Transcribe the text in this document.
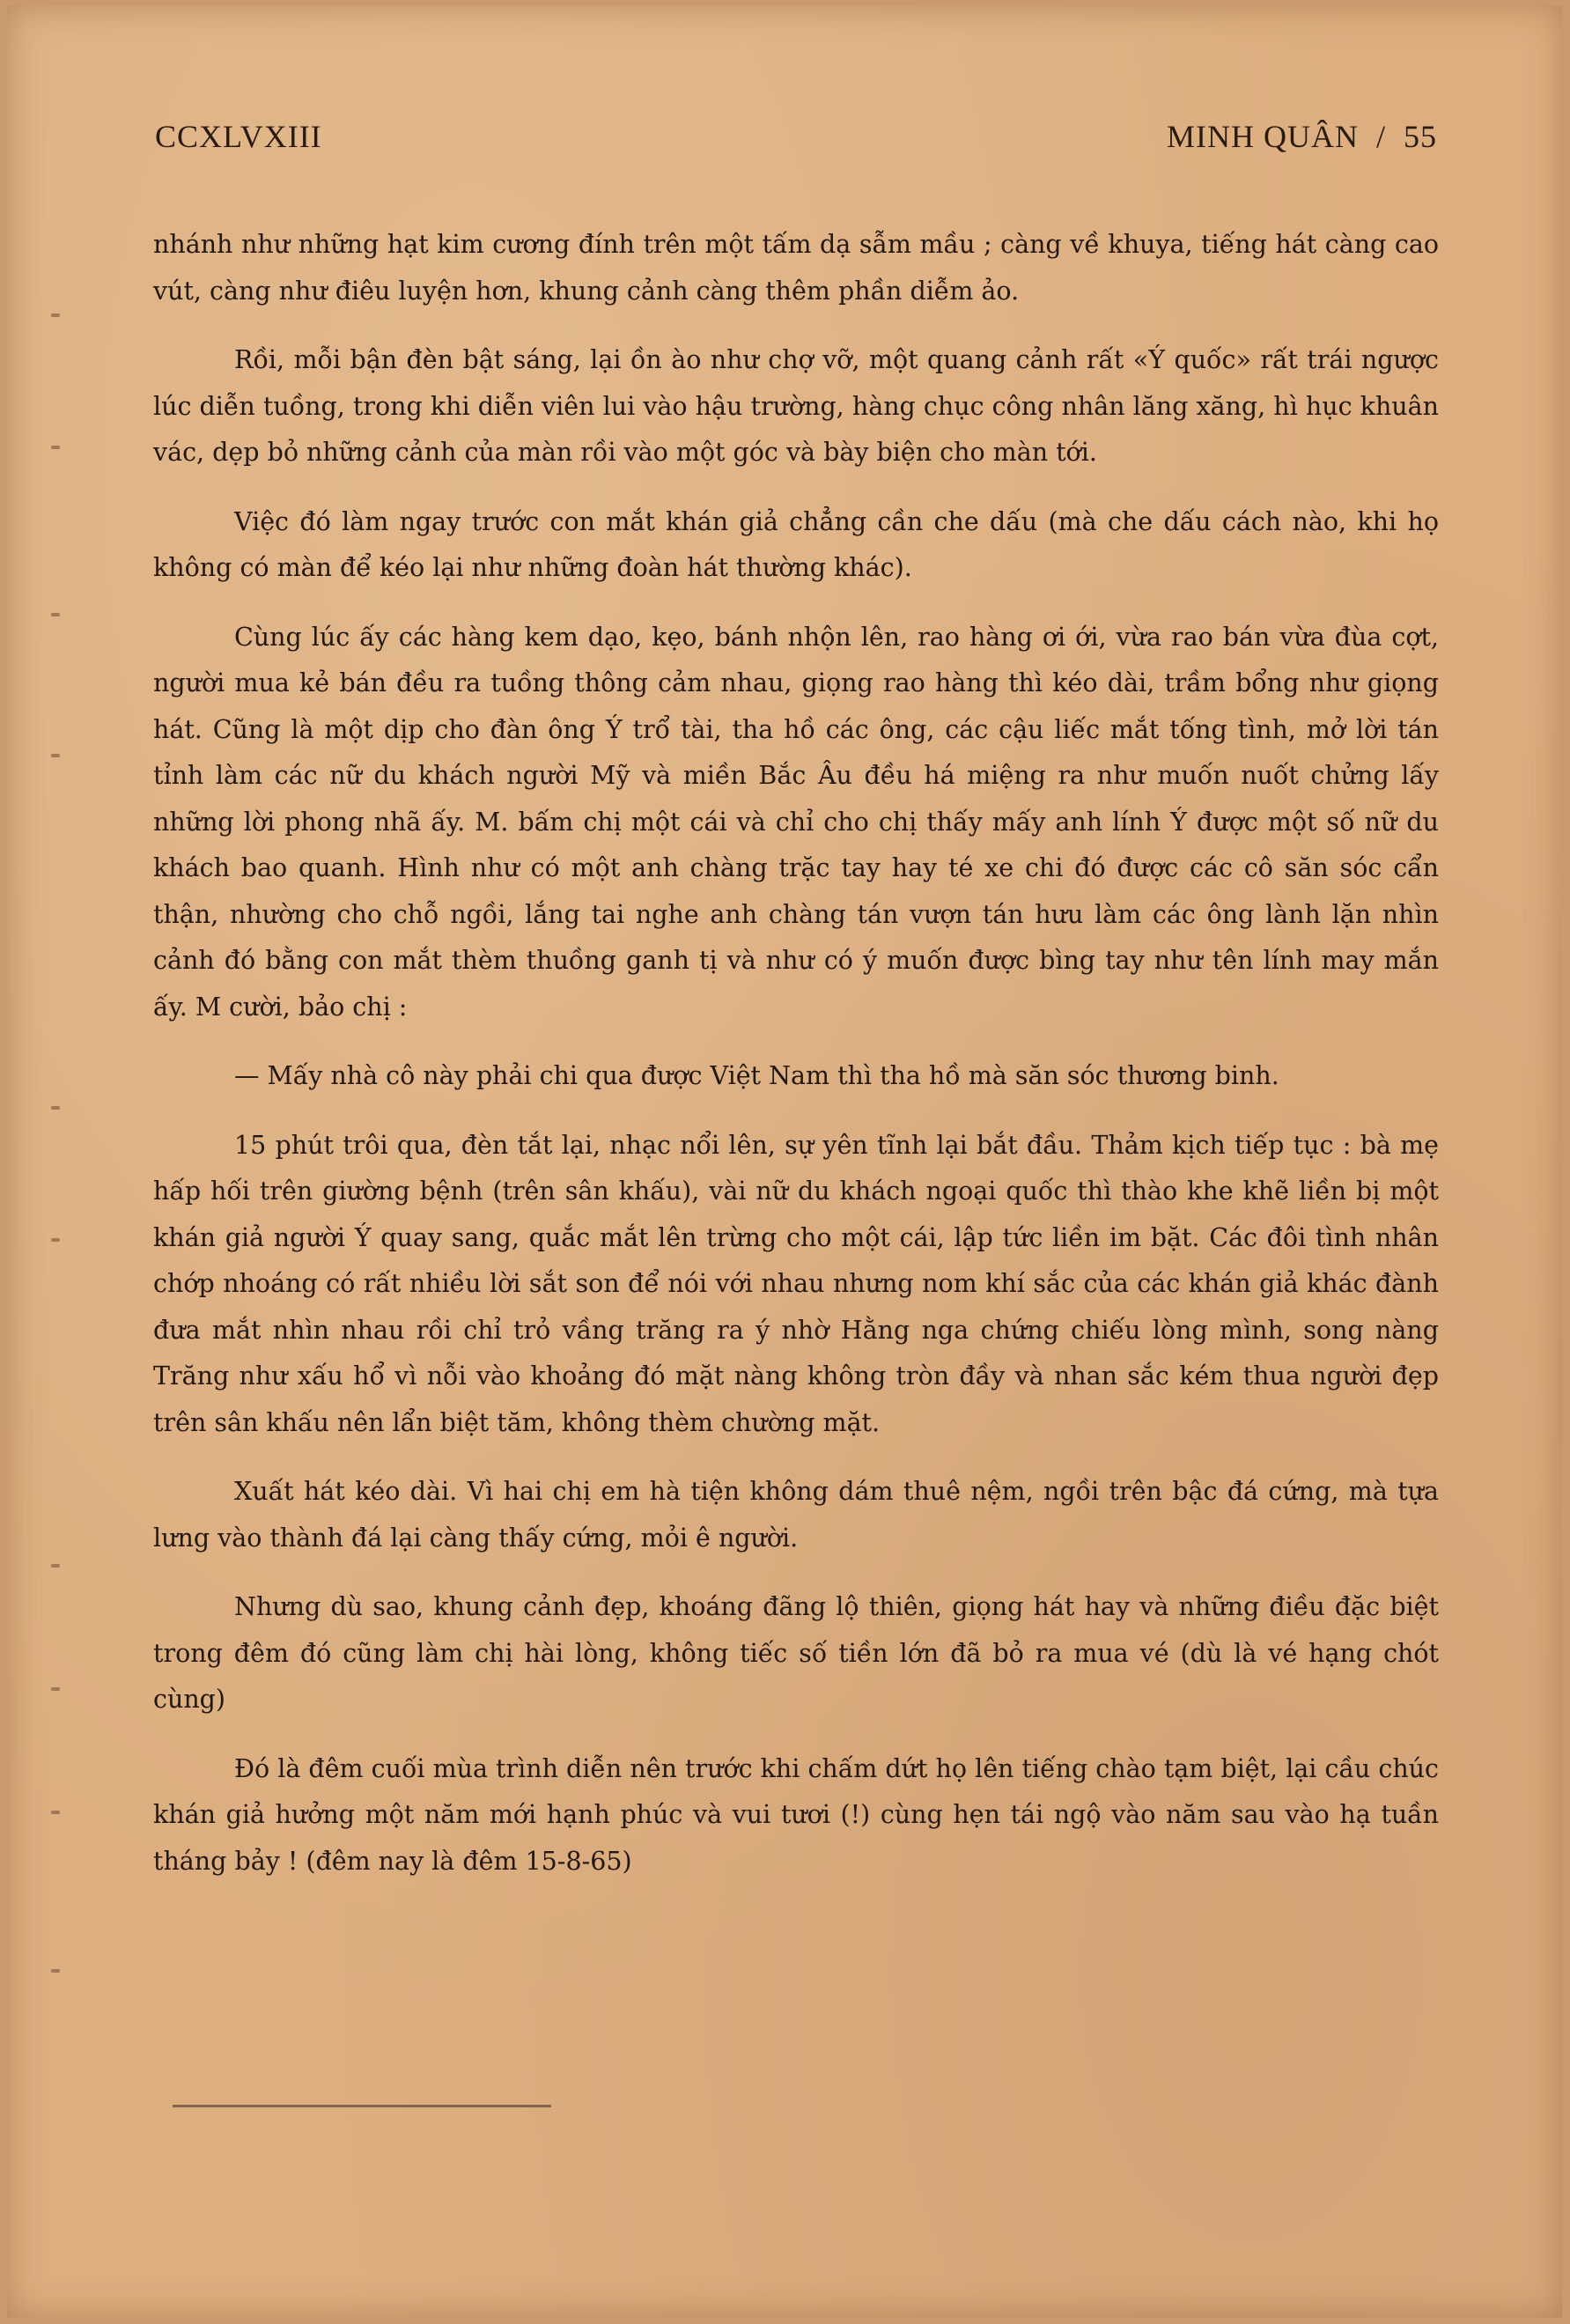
CCXLVXIII	MINH QUÂN  /  55

nhánh như những hạt kim cương đính trên một tấm dạ sẫm mầu ; càng về khuya, tiếng hát càng cao vút, càng như điêu luyện hơn, khung cảnh càng thêm phần diễm ảo.

Rồi, mỗi bận đèn bật sáng, lại ồn ào như chợ vỡ, một quang cảnh rất «Ý quốc» rất trái ngược lúc diễn tuồng, trong khi diễn viên lui vào hậu trường, hàng chục công nhân lăng xăng, hì hục khuân vác, dẹp bỏ những cảnh của màn rồi vào một góc và bày biện cho màn tới.

Việc đó làm ngay trước con mắt khán giả chẳng cần che dấu (mà che dấu cách nào, khi họ không có màn để kéo lại như những đoàn hát thường khác).

Cùng lúc ấy các hàng kem dạo, kẹo, bánh nhộn lên, rao hàng ơi ới, vừa rao bán vừa đùa cợt, người mua kẻ bán đều ra tuồng thông cảm nhau, giọng rao hàng thì kéo dài, trầm bổng như giọng hát. Cũng là một dịp cho đàn ông Ý trổ tài, tha hồ các ông, các cậu liếc mắt tống tình, mở lời tán tỉnh làm các nữ du khách người Mỹ và miền Bắc Âu đều há miệng ra như muốn nuốt chửng lấy những lời phong nhã ấy. M. bấm chị một cái và chỉ cho chị thấy mấy anh lính Ý được một số nữ du khách bao quanh. Hình như có một anh chàng trặc tay hay té xe chi đó được các cô săn sóc cẩn thận, nhường cho chỗ ngồi, lắng tai nghe anh chàng tán vượn tán hưu làm các ông lành lặn nhìn cảnh đó bằng con mắt thèm thuồng ganh tị và như có ý muốn được bìng tay như tên lính may mắn ấy. M cười, bảo chị :

— Mấy nhà cô này phải chi qua được Việt Nam thì tha hồ mà săn sóc thương binh.

15 phút trôi qua, đèn tắt lại, nhạc nổi lên, sự yên tĩnh lại bắt đầu. Thảm kịch tiếp tục : bà mẹ hấp hối trên giường bệnh (trên sân khấu), vài nữ du khách ngoại quốc thì thào khe khẽ liền bị một khán giả người Ý quay sang, quắc mắt lên trừng cho một cái, lập tức liền im bặt. Các đôi tình nhân chớp nhoáng có rất nhiều lời sắt son để nói với nhau nhưng nom khí sắc của các khán giả khác đành đưa mắt nhìn nhau rồi chỉ trỏ vầng trăng ra ý nhờ Hằng nga chứng chiếu lòng mình, song nàng Trăng như xấu hổ vì nỗi vào khoảng đó mặt nàng không tròn đầy và nhan sắc kém thua người đẹp trên sân khấu nên lẩn biệt tăm, không thèm chường mặt.

Xuất hát kéo dài. Vì hai chị em hà tiện không dám thuê nệm, ngồi trên bậc đá cứng, mà tựa lưng vào thành đá lại càng thấy cứng, mỏi ê người.

Nhưng dù sao, khung cảnh đẹp, khoáng đãng lộ thiên, giọng hát hay và những điều đặc biệt trong đêm đó cũng làm chị hài lòng, không tiếc số tiền lớn đã bỏ ra mua vé (dù là vé hạng chót cùng)

Đó là đêm cuối mùa trình diễn nên trước khi chấm dứt họ lên tiếng chào tạm biệt, lại cầu chúc khán giả hưởng một năm mới hạnh phúc và vui tươi (!) cùng hẹn tái ngộ vào năm sau vào hạ tuần tháng bảy ! (đêm nay là đêm 15-8-65)
